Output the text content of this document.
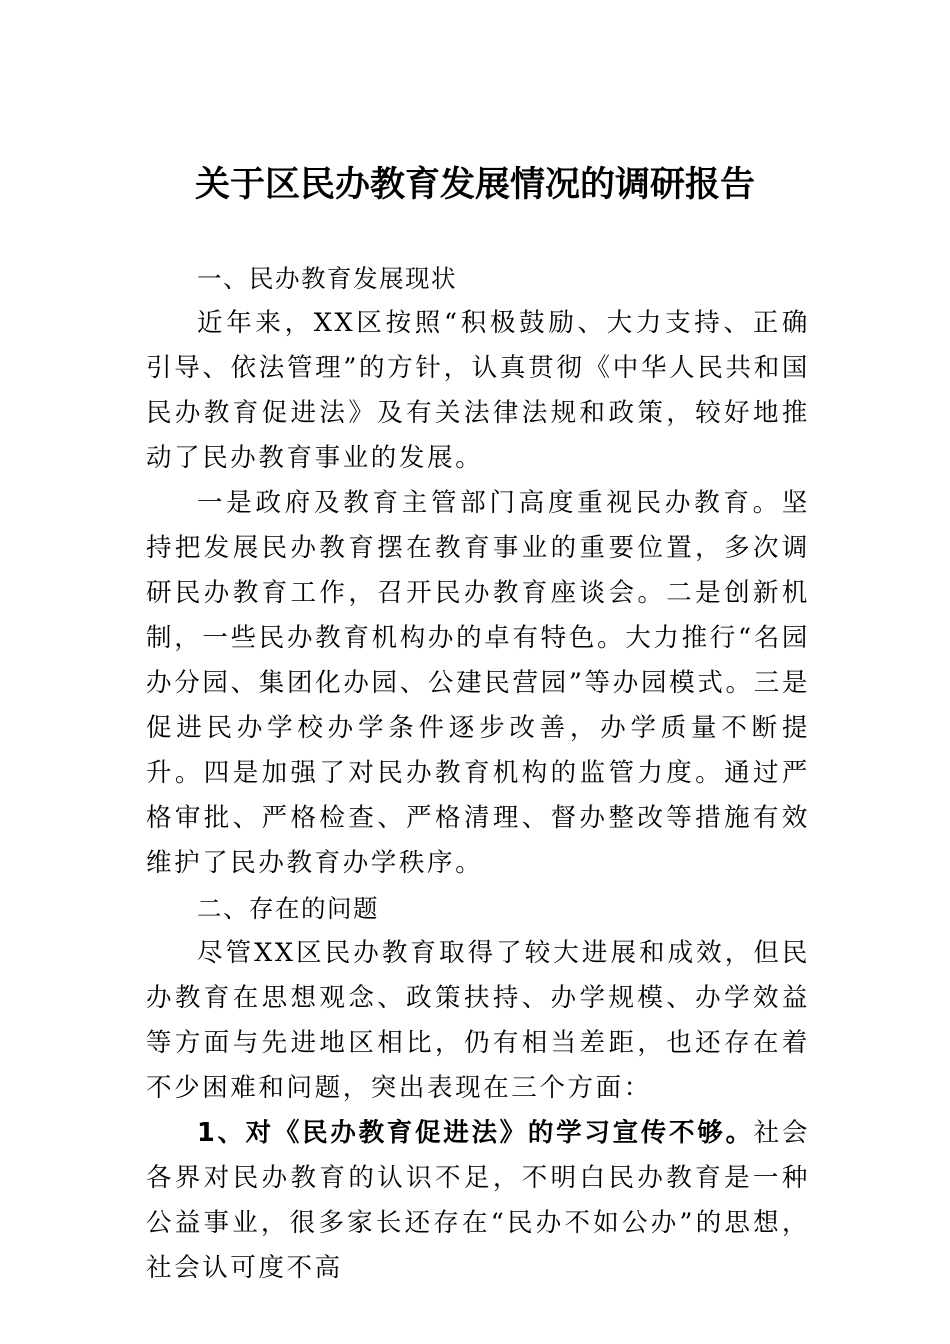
关于区民办教育发展情况的调研报告

一、民办教育发展现状

近年来，XX区按照“积极鼓励、大力支持、正确引导、依法管理”的方针，认真贯彻《中华人民共和国民办教育促进法》及有关法律法规和政策，较好地推动了民办教育事业的发展。

一是政府及教育主管部门高度重视民办教育。坚持把发展民办教育摆在教育事业的重要位置，多次调研民办教育工作，召开民办教育座谈会。二是创新机制，一些民办教育机构办的卓有特色。大力推行“名园办分园、集团化办园、公建民营园”等办园模式。三是促进民办学校办学条件逐步改善，办学质量不断提升。四是加强了对民办教育机构的监管力度。通过严格审批、严格检查、严格清理、督办整改等措施有效维护了民办教育办学秩序。

二、存在的问题

尽管XX区民办教育取得了较大进展和成效，但民办教育在思想观念、政策扶持、办学规模、办学效益等方面与先进地区相比，仍有相当差距，也还存在着不少困难和问题，突出表现在三个方面：

1、对《民办教育促进法》的学习宣传不够。社会各界对民办教育的认识不足，不明白民办教育是一种公益事业，很多家长还存在“民办不如公办”的思想，社会认可度不高
